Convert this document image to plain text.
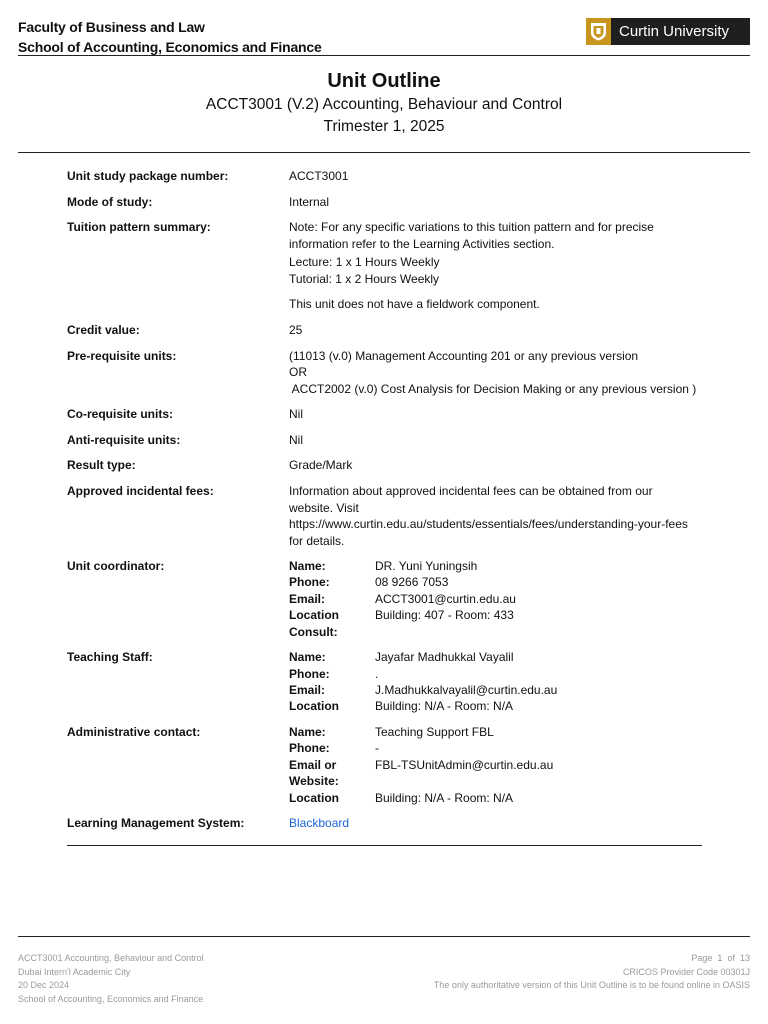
Faculty of Business and Law
School of Accounting, Economics and Finance
Curtin University
Unit Outline
ACCT3001 (V.2) Accounting, Behaviour and Control
Trimester 1, 2025
Unit study package number:	ACCT3001
Mode of study:	Internal
Tuition pattern summary:	Note: For any specific variations to this tuition pattern and for precise information refer to the Learning Activities section.
Lecture: 1 x 1 Hours Weekly
Tutorial: 1 x 2 Hours Weekly
This unit does not have a fieldwork component.
Credit value:	25
Pre-requisite units:	(11013 (v.0) Management Accounting 201 or any previous version
OR
ACCT2002 (v.0) Cost Analysis for Decision Making or any previous version )
Co-requisite units:	Nil
Anti-requisite units:	Nil
Result type:	Grade/Mark
Approved incidental fees:	Information about approved incidental fees can be obtained from our website. Visit https://www.curtin.edu.au/students/essentials/fees/understanding-your-fees for details.
Unit coordinator:	Name:	DR. Yuni Yuningsih
Phone:	08 9266 7053
Email:	ACCT3001@curtin.edu.au
Location	Building: 407 - Room: 433
Consult:
Teaching Staff:	Name:	Jayafar Madhukkal Vayalil
Phone:	.
Email:	J.Madhukkalvayalil@curtin.edu.au
Location	Building: N/A - Room: N/A
Administrative contact:	Name:	Teaching Support FBL
Phone:	-
Email or	FBL-TSUnitAdmin@curtin.edu.au
Website:
Location	Building: N/A - Room: N/A
Learning Management System:	Blackboard
ACCT3001 Accounting, Behaviour and Control
Dubai Intern'l Academic City
20 Dec 2024
School of Accounting, Economics and Finance
Page 1 of 13
CRICOS Provider Code 00301J
The only authoritative version of this Unit Outline is to be found online in OASIS
